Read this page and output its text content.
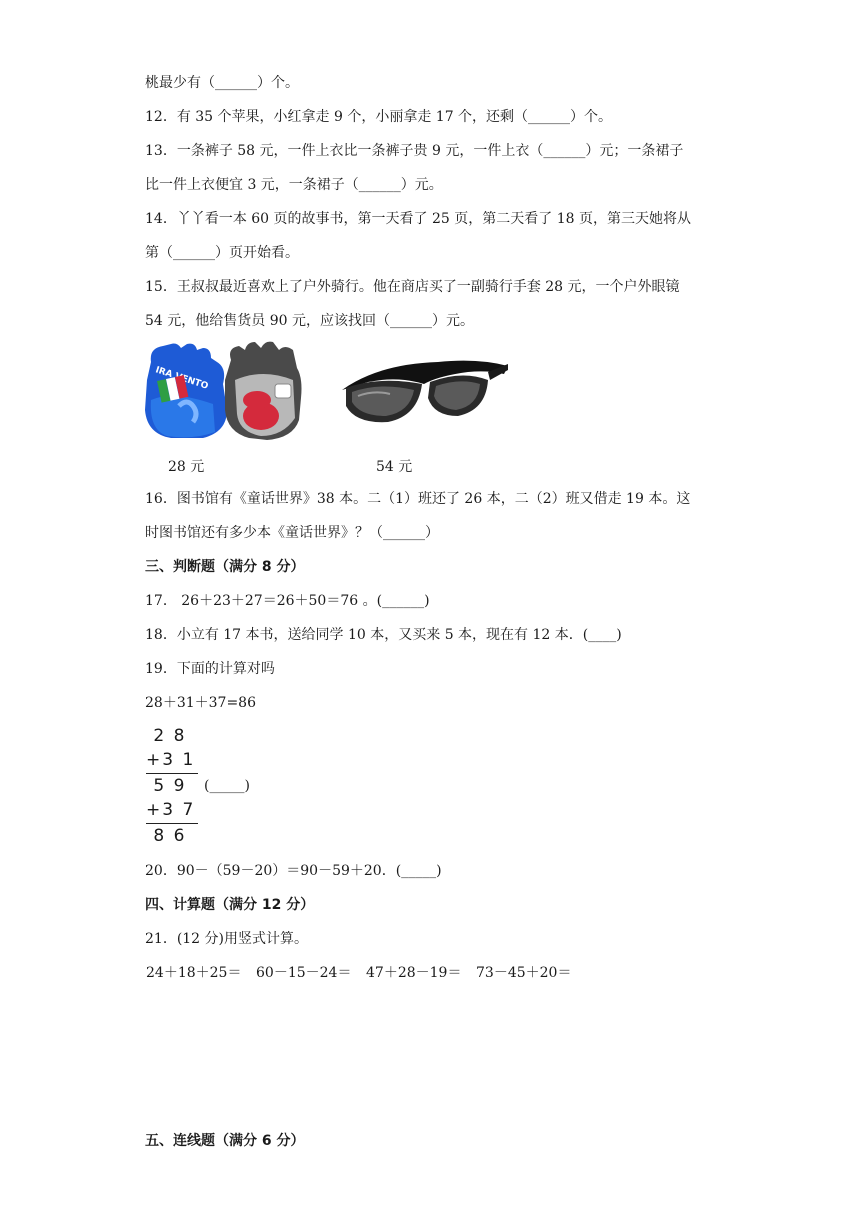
桃最少有（______）个。
12．有 35 个苹果，小红拿走 9 个，小丽拿走 17 个，还剩（______）个。
13．一条裤子 58 元，一件上衣比一条裤子贵 9 元，一件上衣（______）元；一条裙子
比一件上衣便宜 3 元，一条裙子（______）元。
14．丫丫看一本 60 页的故事书，第一天看了 25 页，第二天看了 18 页，第三天她将从
第（______）页开始看。
15．王叔叔最近喜欢上了户外骑行。他在商店买了一副骑行手套 28 元，一个户外眼镜
54 元，他给售货员 90 元，应该找回（______）元。
IRA VENTO
28 元	54 元
16．图书馆有《童话世界》38 本。二（1）班还了 26 本，二（2）班又借走 19 本。这
时图书馆还有多少本《童话世界》？（______）
三、判断题（满分 8 分）
17． 26＋23＋27＝26＋50＝76 。(______)
18．小立有 17 本书，送给同学 10 本，又买来 5 本，现在有 12 本．(____)
19．下面的计算对吗
28＋31＋37=86
2 8
+3 1
5 9
+3 7
8 6
(_____)
20．90－（59－20）＝90－59＋20．(_____)
四、计算题（满分 12 分）
21．(12 分)用竖式计算。
24＋18＋25＝ 60－15－24＝ 47＋28－19＝ 73－45＋20＝
五、连线题（满分 6 分）
